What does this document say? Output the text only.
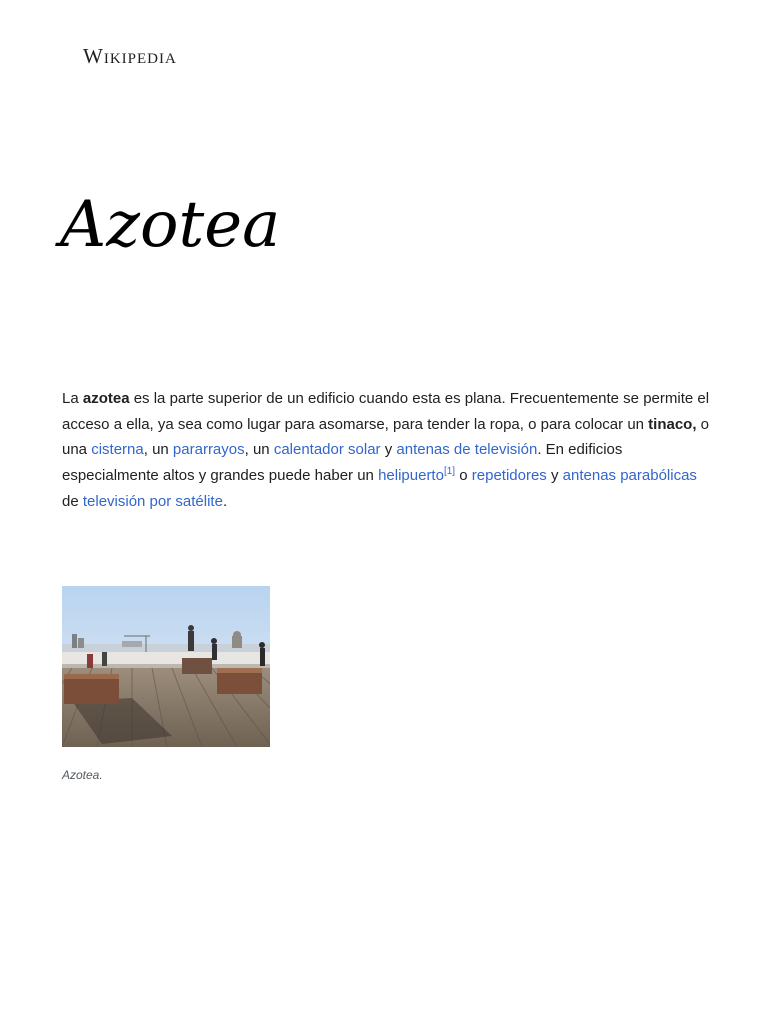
Wikipedia
Azotea

La azotea es la parte superior de un edificio cuando esta es plana. Frecuentemente se permite el acceso a ella, ya sea como lugar para asomarse, para tender la ropa, o para colocar un tinaco, o una cisterna, un pararrayos, un calentador solar y antenas de televisión. En edificios especialmente altos y grandes puede haber un helipuerto[1] o repetidores y antenas parabólicas de televisión por satélite.

Azotea.
